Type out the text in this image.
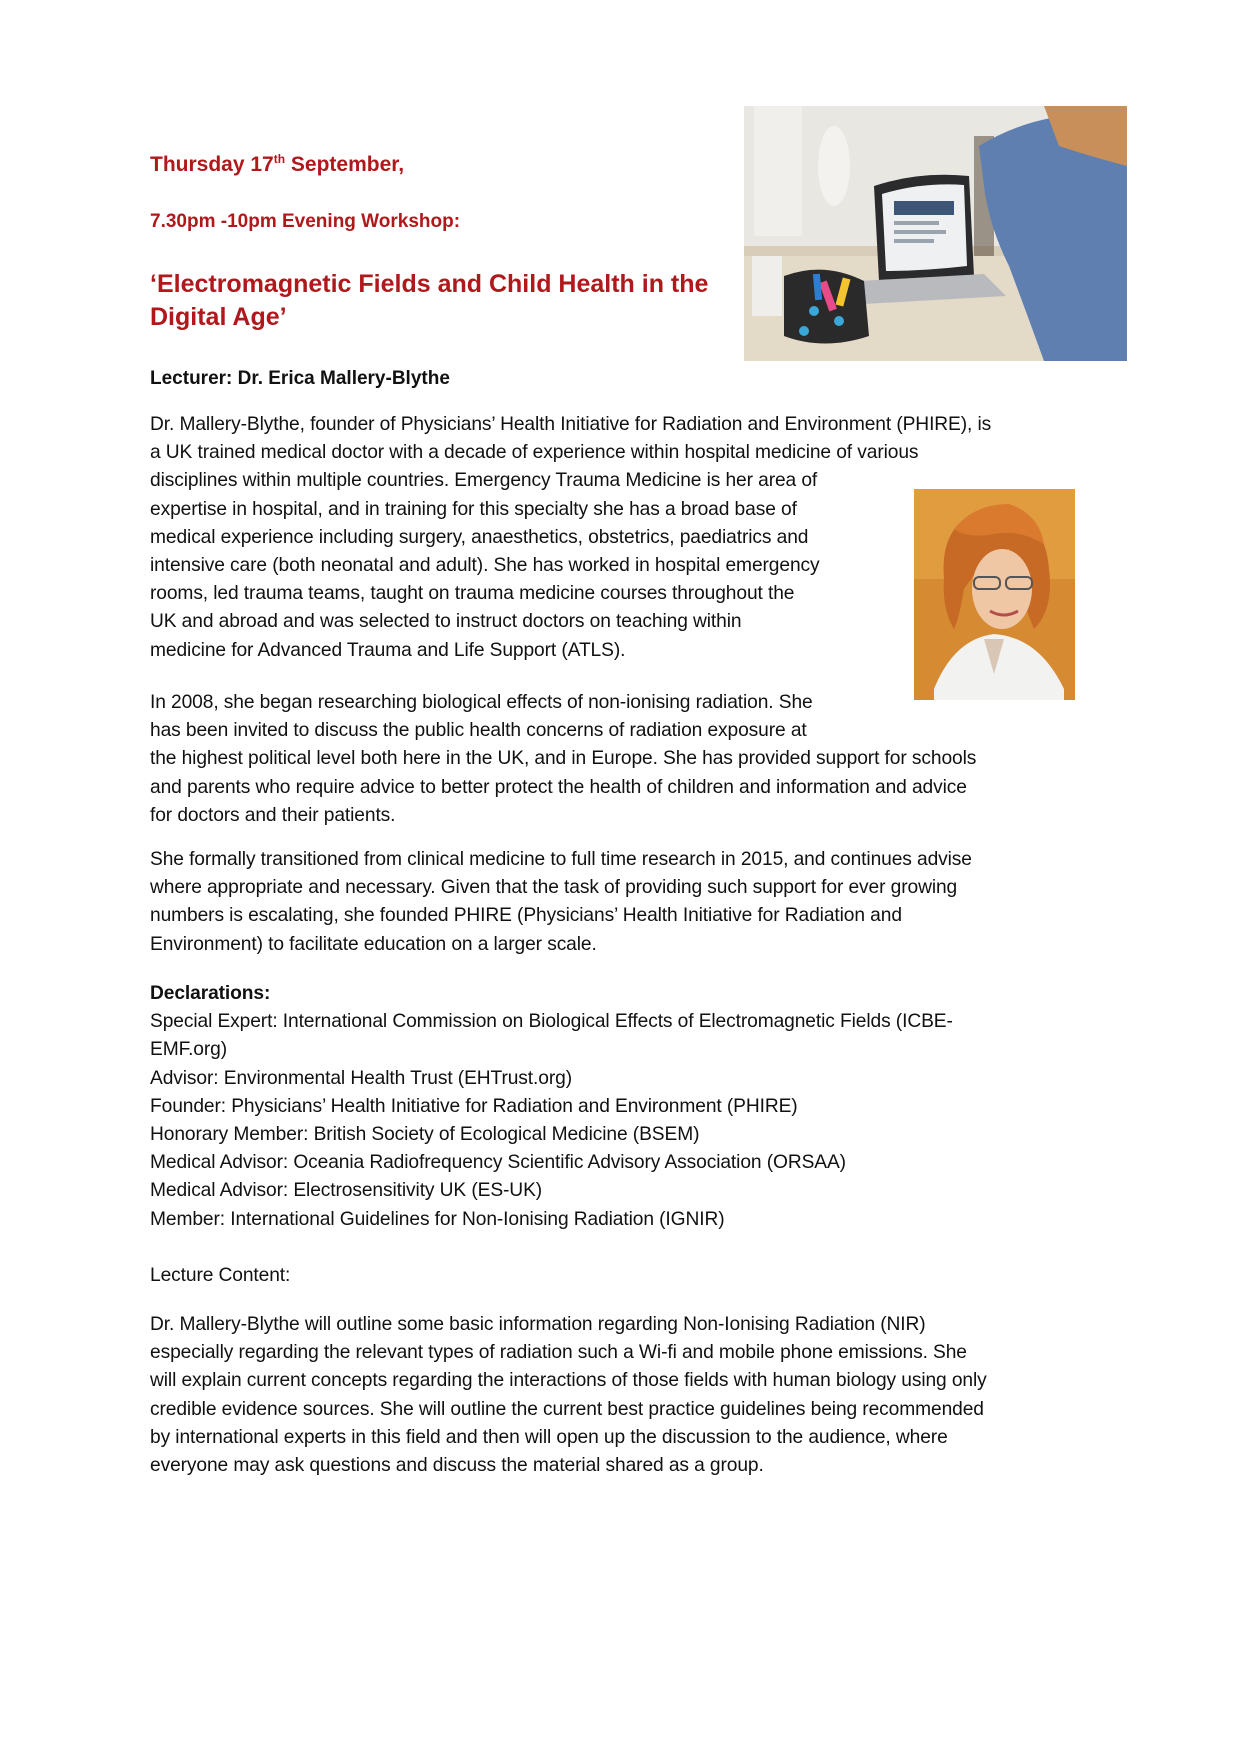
Thursday 17th September,
7.30pm -10pm Evening Workshop:
‘Electromagnetic Fields and Child Health in the
Digital Age’
Lecturer: Dr. Erica Mallery-Blythe
Dr. Mallery-Blythe, founder of Physicians’ Health Initiative for Radiation and Environment (PHIRE), is
a UK trained medical doctor with a decade of experience within hospital medicine of various
disciplines within multiple countries. Emergency Trauma Medicine is her area of
expertise in hospital, and in training for this specialty she has a broad base of
medical experience including surgery, anaesthetics, obstetrics, paediatrics and
intensive care (both neonatal and adult). She has worked in hospital emergency
rooms, led trauma teams, taught on trauma medicine courses throughout the
UK and abroad and was selected to instruct doctors on teaching within
medicine for Advanced Trauma and Life Support (ATLS).
In 2008, she began researching biological effects of non-ionising radiation. She
has been invited to discuss the public health concerns of radiation exposure at
the highest political level both here in the UK, and in Europe. She has provided support for schools
and parents who require advice to better protect the health of children and information and advice
for doctors and their patients.
She formally transitioned from clinical medicine to full time research in 2015, and continues advise
where appropriate and necessary. Given that the task of providing such support for ever growing
numbers is escalating, she founded PHIRE (Physicians’ Health Initiative for Radiation and
Environment) to facilitate education on a larger scale.
Declarations:
Special Expert: International Commission on Biological Effects of Electromagnetic Fields (ICBE-
EMF.org)
Advisor: Environmental Health Trust (EHTrust.org)
Founder: Physicians’ Health Initiative for Radiation and Environment (PHIRE)
Honorary Member: British Society of Ecological Medicine (BSEM)
Medical Advisor: Oceania Radiofrequency Scientific Advisory Association (ORSAA)
Medical Advisor: Electrosensitivity UK (ES-UK)
Member: International Guidelines for Non-Ionising Radiation (IGNIR)
Lecture Content:
Dr. Mallery-Blythe will outline some basic information regarding Non-Ionising Radiation (NIR)
especially regarding the relevant types of radiation such a Wi-fi and mobile phone emissions. She
will explain current concepts regarding the interactions of those fields with human biology using only
credible evidence sources. She will outline the current best practice guidelines being recommended
by international experts in this field and then will open up the discussion to the audience, where
everyone may ask questions and discuss the material shared as a group.
